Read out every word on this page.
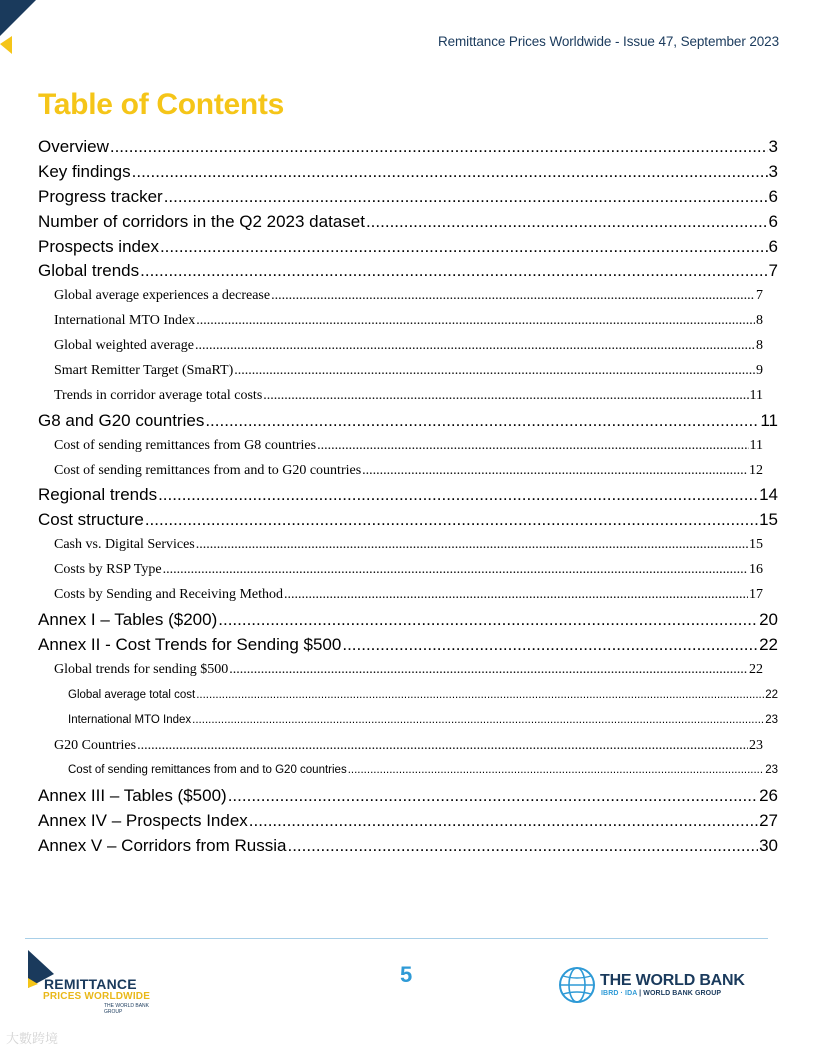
Remittance Prices Worldwide - Issue 47, September 2023
Table of Contents
Overview .....	3
Key findings .....	3
Progress tracker .....	6
Number of corridors in the Q2 2023 dataset .....	6
Prospects index .....	6
Global trends .....	7
Global average experiences a decrease .....	7
International MTO Index .....	8
Global weighted average .....	8
Smart Remitter Target (SmaRT) .....	9
Trends in corridor average total costs .....	11
G8 and G20 countries .....	11
Cost of sending remittances from G8 countries .....	11
Cost of sending remittances from and to G20 countries .....	12
Regional trends .....	14
Cost structure .....	15
Cash vs. Digital Services .....	15
Costs by RSP Type .....	16
Costs by Sending and Receiving Method .....	17
Annex I – Tables ($200) .....	20
Annex II - Cost Trends for Sending $500 .....	22
Global trends for sending $500 .....	22
Global average total cost .....	22
International MTO Index .....	23
G20 Countries .....	23
Cost of sending remittances from and to G20 countries .....	23
Annex III – Tables ($500) .....	26
Annex IV – Prospects Index .....	27
Annex V – Corridors from Russia .....	30
REMITTANCE
PRICES WORLDWIDE
THE WORLD BANK GROUP
5	THE WORLD BANK
IBRD · IDA | WORLD BANK GROUP
大數跨境
